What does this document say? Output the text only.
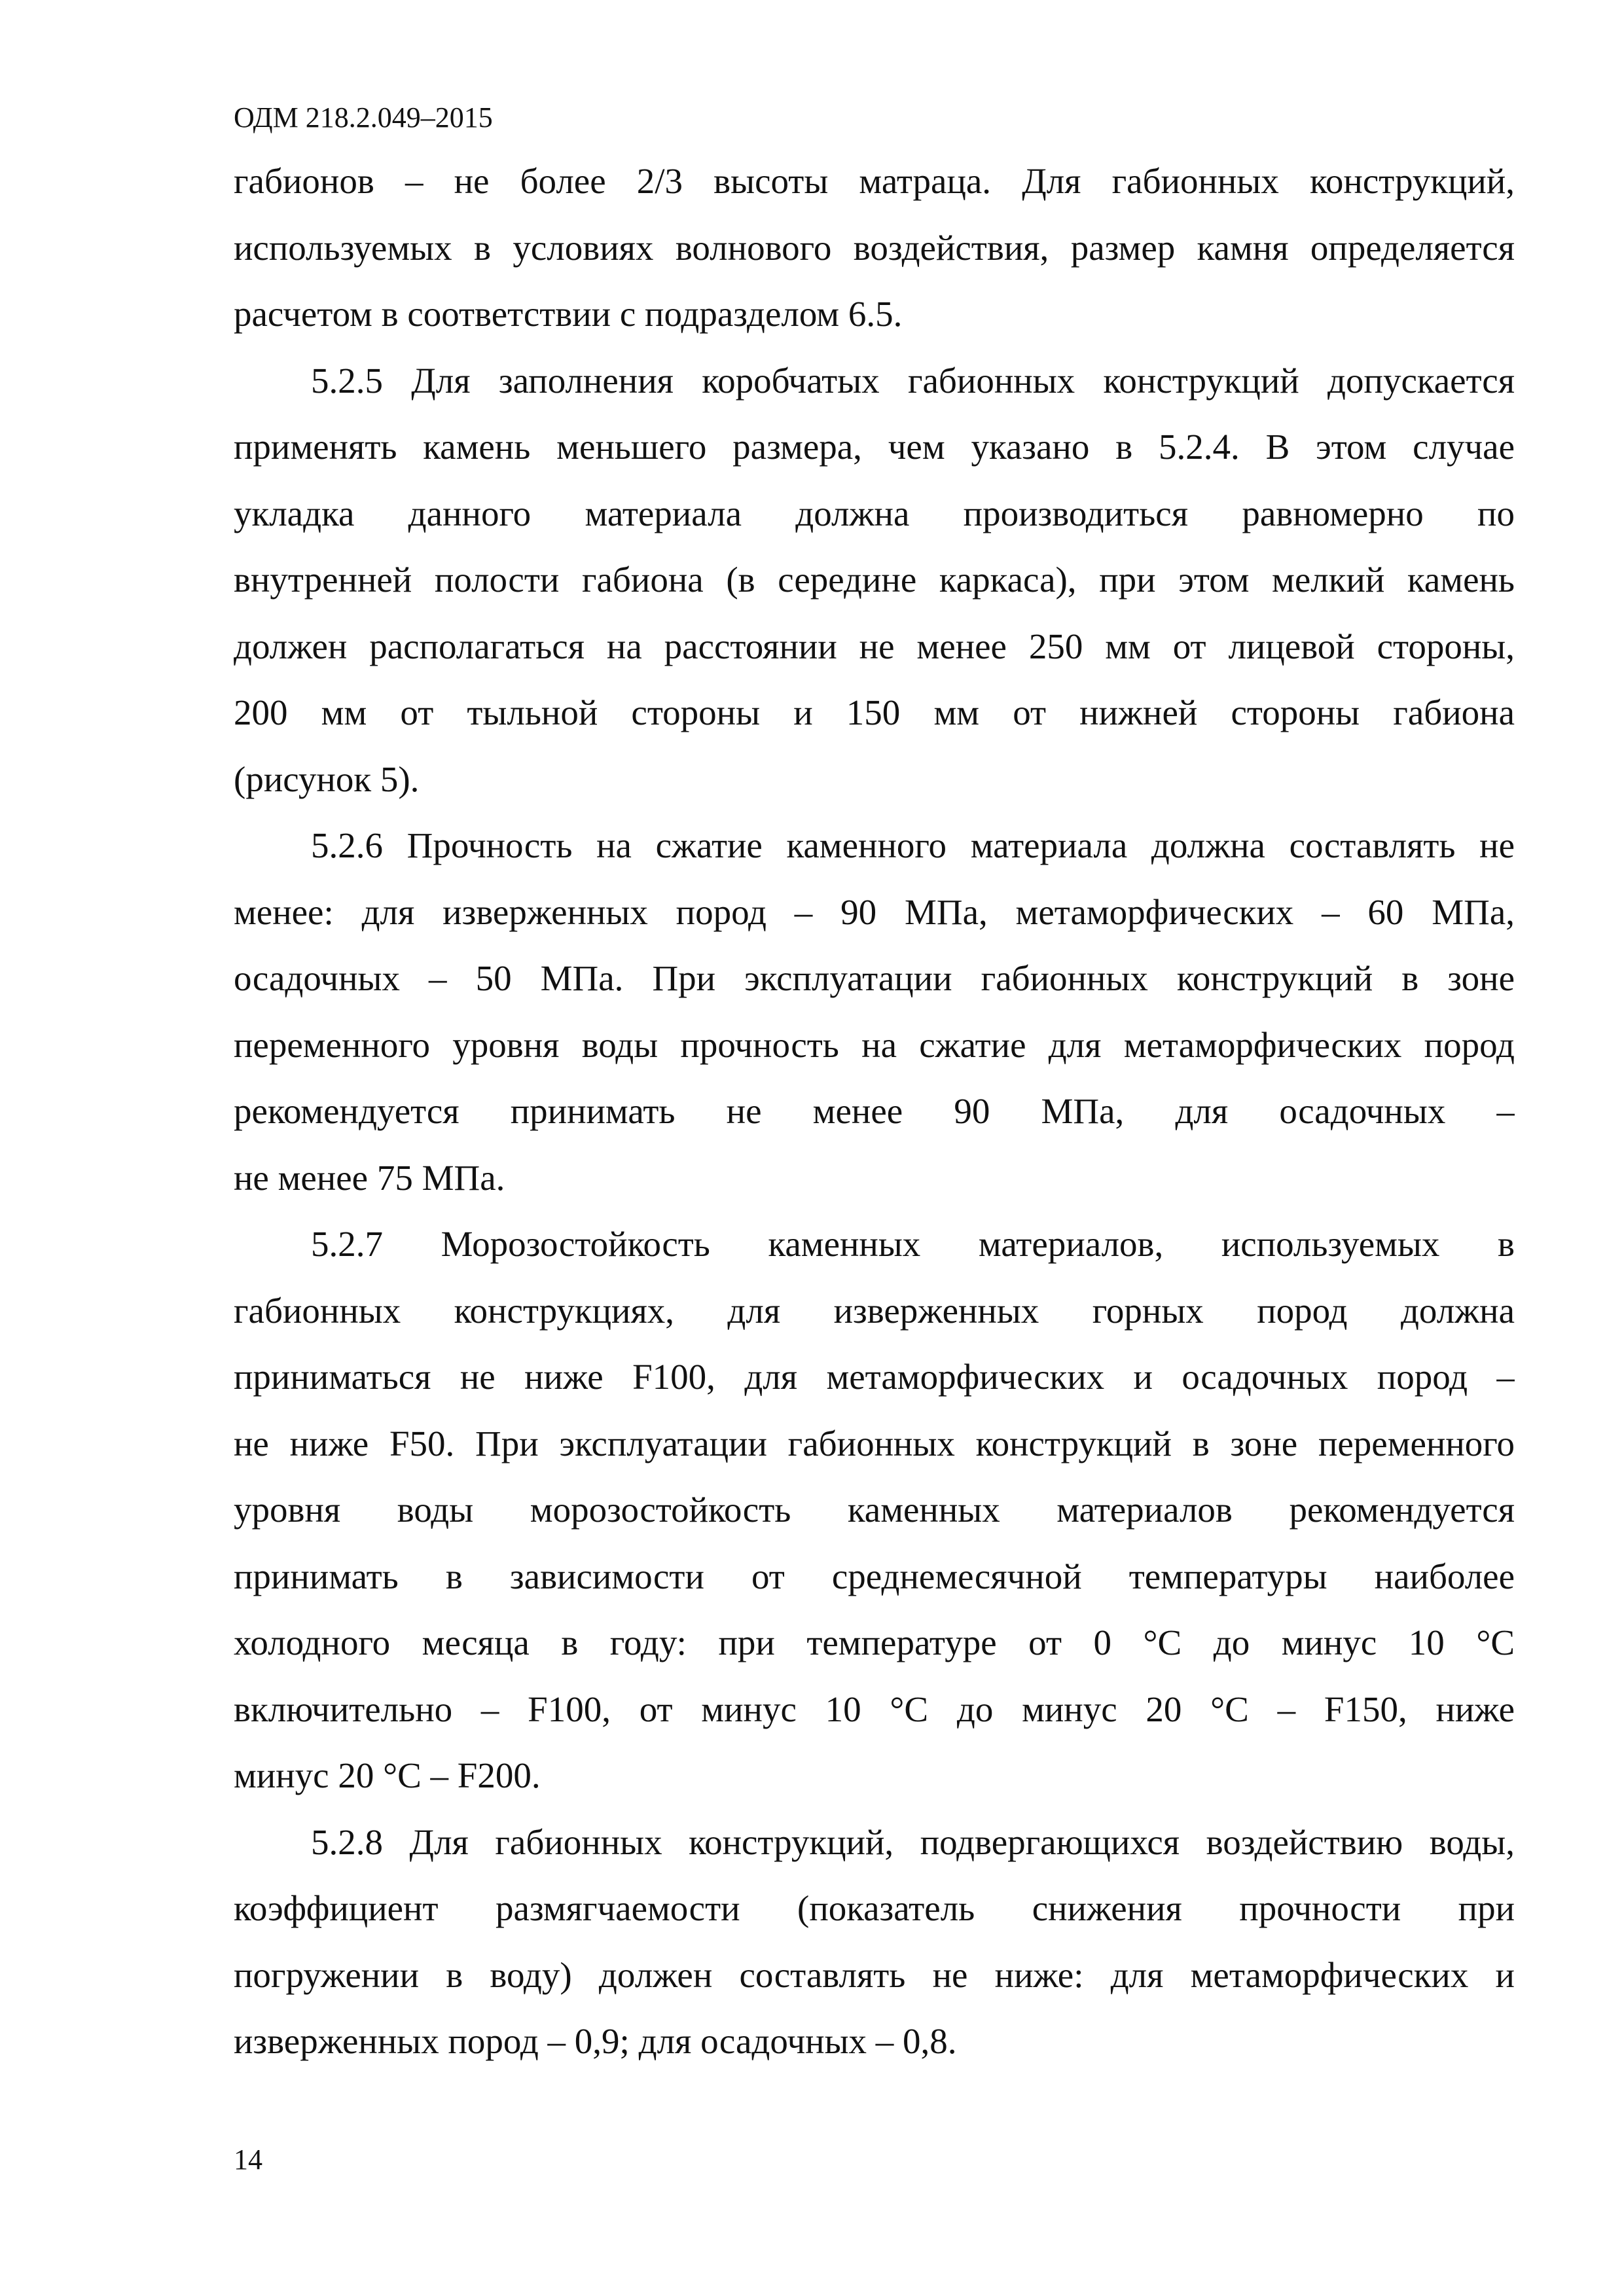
ОДМ 218.2.049–2015
габионов – не более 2/3 высоты матраца. Для габионных конструкций,
используемых в условиях волнового воздействия, размер камня определяется
расчетом в соответствии с подразделом 6.5.
5.2.5 Для заполнения коробчатых габионных конструкций допускается
применять камень меньшего размера, чем указано в 5.2.4. В этом случае
укладка данного материала должна производиться равномерно по
внутренней полости габиона (в середине каркаса), при этом мелкий камень
должен располагаться на расстоянии не менее 250 мм от лицевой стороны,
200 мм от тыльной стороны и 150 мм от нижней стороны габиона
(рисунок 5).
5.2.6 Прочность на сжатие каменного материала должна составлять не
менее: для изверженных пород – 90 МПа, метаморфических – 60 МПа,
осадочных – 50 МПа. При эксплуатации габионных конструкций в зоне
переменного уровня воды прочность на сжатие для метаморфических пород
рекомендуется принимать не менее 90 МПа, для осадочных –
не менее 75 МПа.
5.2.7 Морозостойкость каменных материалов, используемых в
габионных конструкциях, для изверженных горных пород должна
приниматься не ниже F100, для метаморфических и осадочных пород –
не ниже F50. При эксплуатации габионных конструкций в зоне переменного
уровня воды морозостойкость каменных материалов рекомендуется
принимать в зависимости от среднемесячной температуры наиболее
холодного месяца в году: при температуре от 0 °С до минус 10 °С
включительно – F100, от минус 10 °С до минус 20 °С – F150, ниже
минус 20 °С – F200.
5.2.8 Для габионных конструкций, подвергающихся воздействию воды,
коэффициент размягчаемости (показатель снижения прочности при
погружении в воду) должен составлять не ниже: для метаморфических и
изверженных пород – 0,9; для осадочных – 0,8.
14
